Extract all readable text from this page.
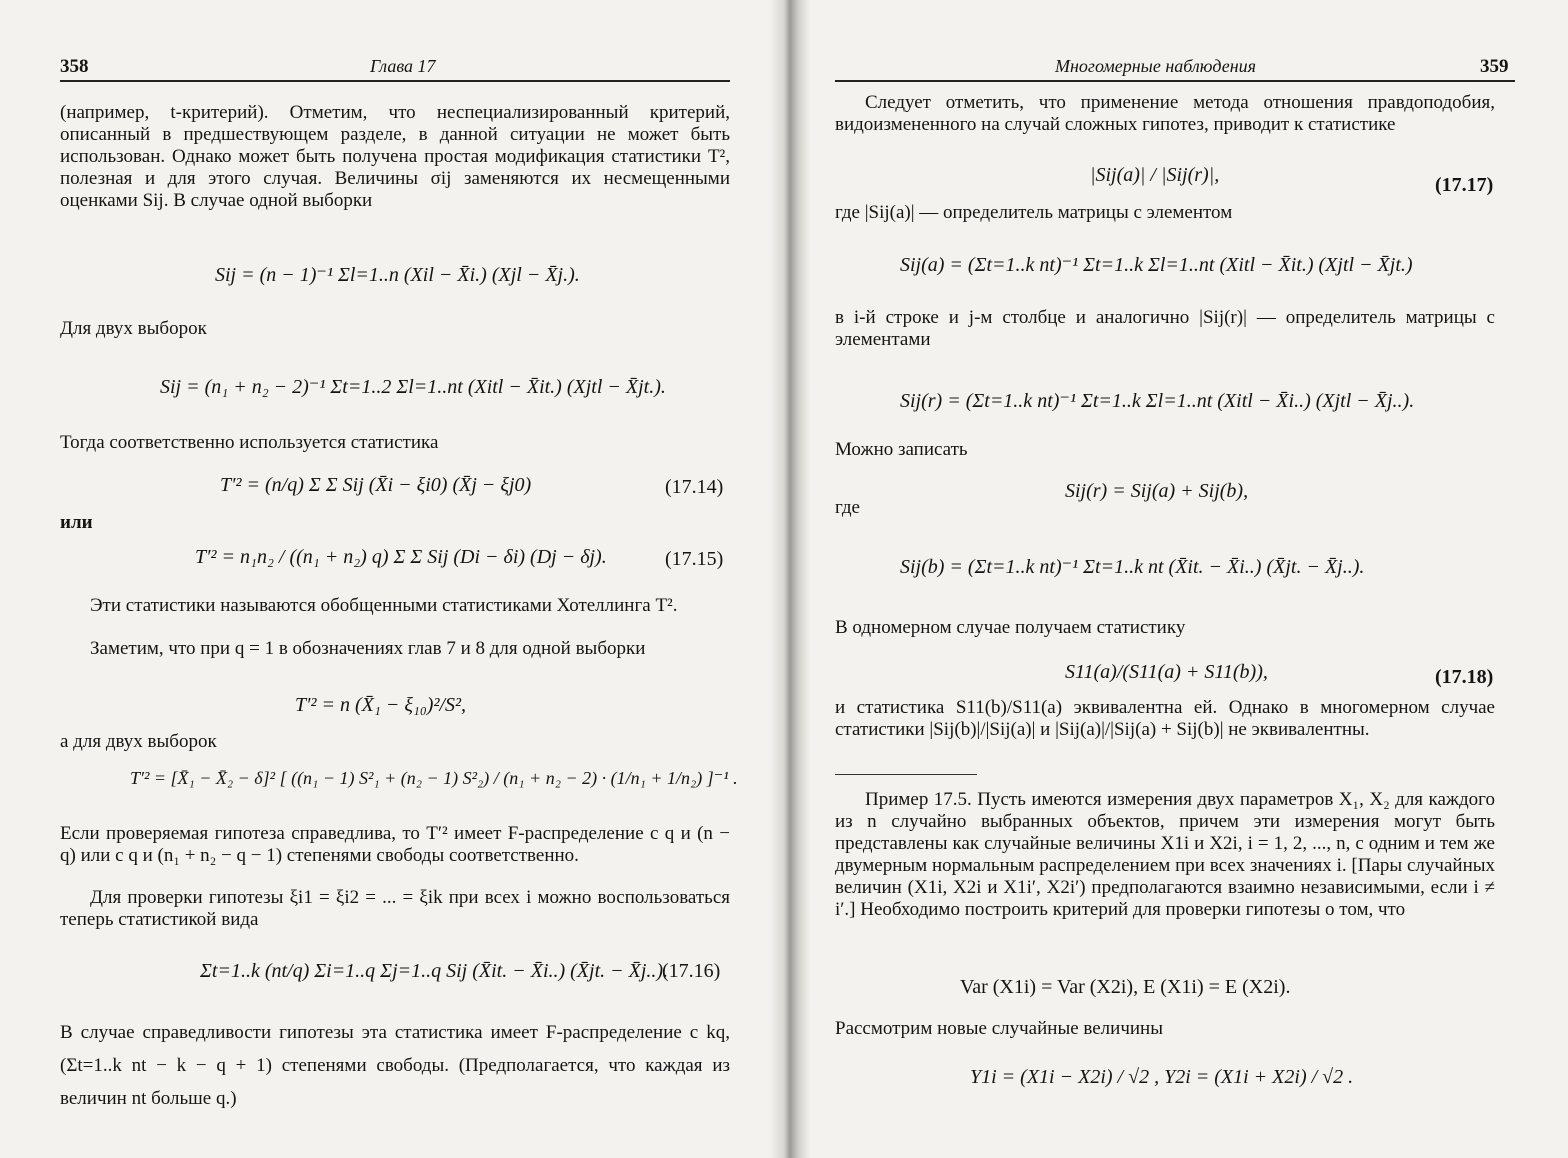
358	Глава 17
(например, t-критерий). Отметим, что неспециализированный критерий, описанный в предшествующем разделе, в данной ситуации не может быть использован. Однако может быть получена простая модификация статистики T², полезная и для этого случая. Величины σij заменяются их несмещенными оценками Sij. В случае одной выборки
Sij = (n − 1)⁻¹ Σl=1..n (Xil − X̄i.) (Xjl − X̄j.).
Для двух выборок
Sij = (n₁ + n₂ − 2)⁻¹ Σt=1..2 Σl=1..nt (Xitl − X̄it.) (Xjtl − X̄jt.).
Тогда соответственно используется статистика
T′² = (n/q) Σ Σ Sij (X̄i − ξi0) (X̄j − ξj0)	(17.14)
или
T′² = n₁n₂ / ((n₁ + n₂) q) Σ Σ Sij (Di − δi) (Dj − δj).	(17.15)
Эти статистики называются обобщенными статистиками Хотеллинга T².
Заметим, что при q = 1 в обозначениях глав 7 и 8 для одной выборки
T′² = n (X̄₁ − ξ₁₀)²/S²,
а для двух выборок
T′² = [X̄₁ − X̄₂ − δ]² [ ((n₁ − 1) S²₁ + (n₂ − 1) S²₂) / (n₁ + n₂ − 2) · (1/n₁ + 1/n₂) ]⁻¹ .
Если проверяемая гипотеза справедлива, то T′² имеет F-распределение с q и (n − q) или с q и (n₁ + n₂ − q − 1) степенями свободы соответственно.
Для проверки гипотезы ξi1 = ξi2 = ... = ξik при всех i можно воспользоваться теперь статистикой вида
Σt=1..k (nt/q) Σi=1..q Σj=1..q Sij (X̄it. − X̄i..) (X̄jt. − X̄j..).
(17.16)
В случае справедливости гипотезы эта статистика имеет F-распределение с kq, (Σt=1..k nt − k − q + 1) степенями свободы. (Предполагается, что каждая из величин nt больше q.)
Многомерные наблюдения	359
Следует отметить, что применение метода отношения правдоподобия, видоизмененного на случай сложных гипотез, приводит к статистике
|Sij(a)| / |Sij(r)|,	(17.17)
где |Sij(a)| — определитель матрицы с элементом
Sij(a) = (Σt=1..k nt)⁻¹ Σt=1..k Σl=1..nt (Xitl − X̄it.) (Xjtl − X̄jt.)
в i-й строке и j-м столбце и аналогично |Sij(r)| — определитель матрицы с элементами
Sij(r) = (Σt=1..k nt)⁻¹ Σt=1..k Σl=1..nt (Xitl − X̄i..) (Xjtl − X̄j..).
Можно записать
Sij(r) = Sij(a) + Sij(b),
где
Sij(b) = (Σt=1..k nt)⁻¹ Σt=1..k nt (X̄it. − X̄i..) (X̄jt. − X̄j..).
В одномерном случае получаем статистику
S11(a)/(S11(a) + S11(b)),	(17.18)
и статистика S11(b)/S11(a) эквивалентна ей. Однако в многомерном случае статистики |Sij(b)|/|Sij(a)| и |Sij(a)|/|Sij(a) + Sij(b)| не эквивалентны.
Пример 17.5. Пусть имеются измерения двух параметров X₁, X₂ для каждого из n случайно выбранных объектов, причем эти измерения могут быть представлены как случайные величины X1i и X2i, i = 1, 2, ..., n, с одним и тем же двумерным нормальным распределением при всех значениях i. [Пары случайных величин (X1i, X2i и X1i′, X2i′) предполагаются взаимно независимыми, если i ≠ i′.] Необходимо построить критерий для проверки гипотезы о том, что
Var (X1i) = Var (X2i), E (X1i) = E (X2i).
Рассмотрим новые случайные величины
Y1i = (X1i − X2i) / √2 , Y2i = (X1i + X2i) / √2 .
